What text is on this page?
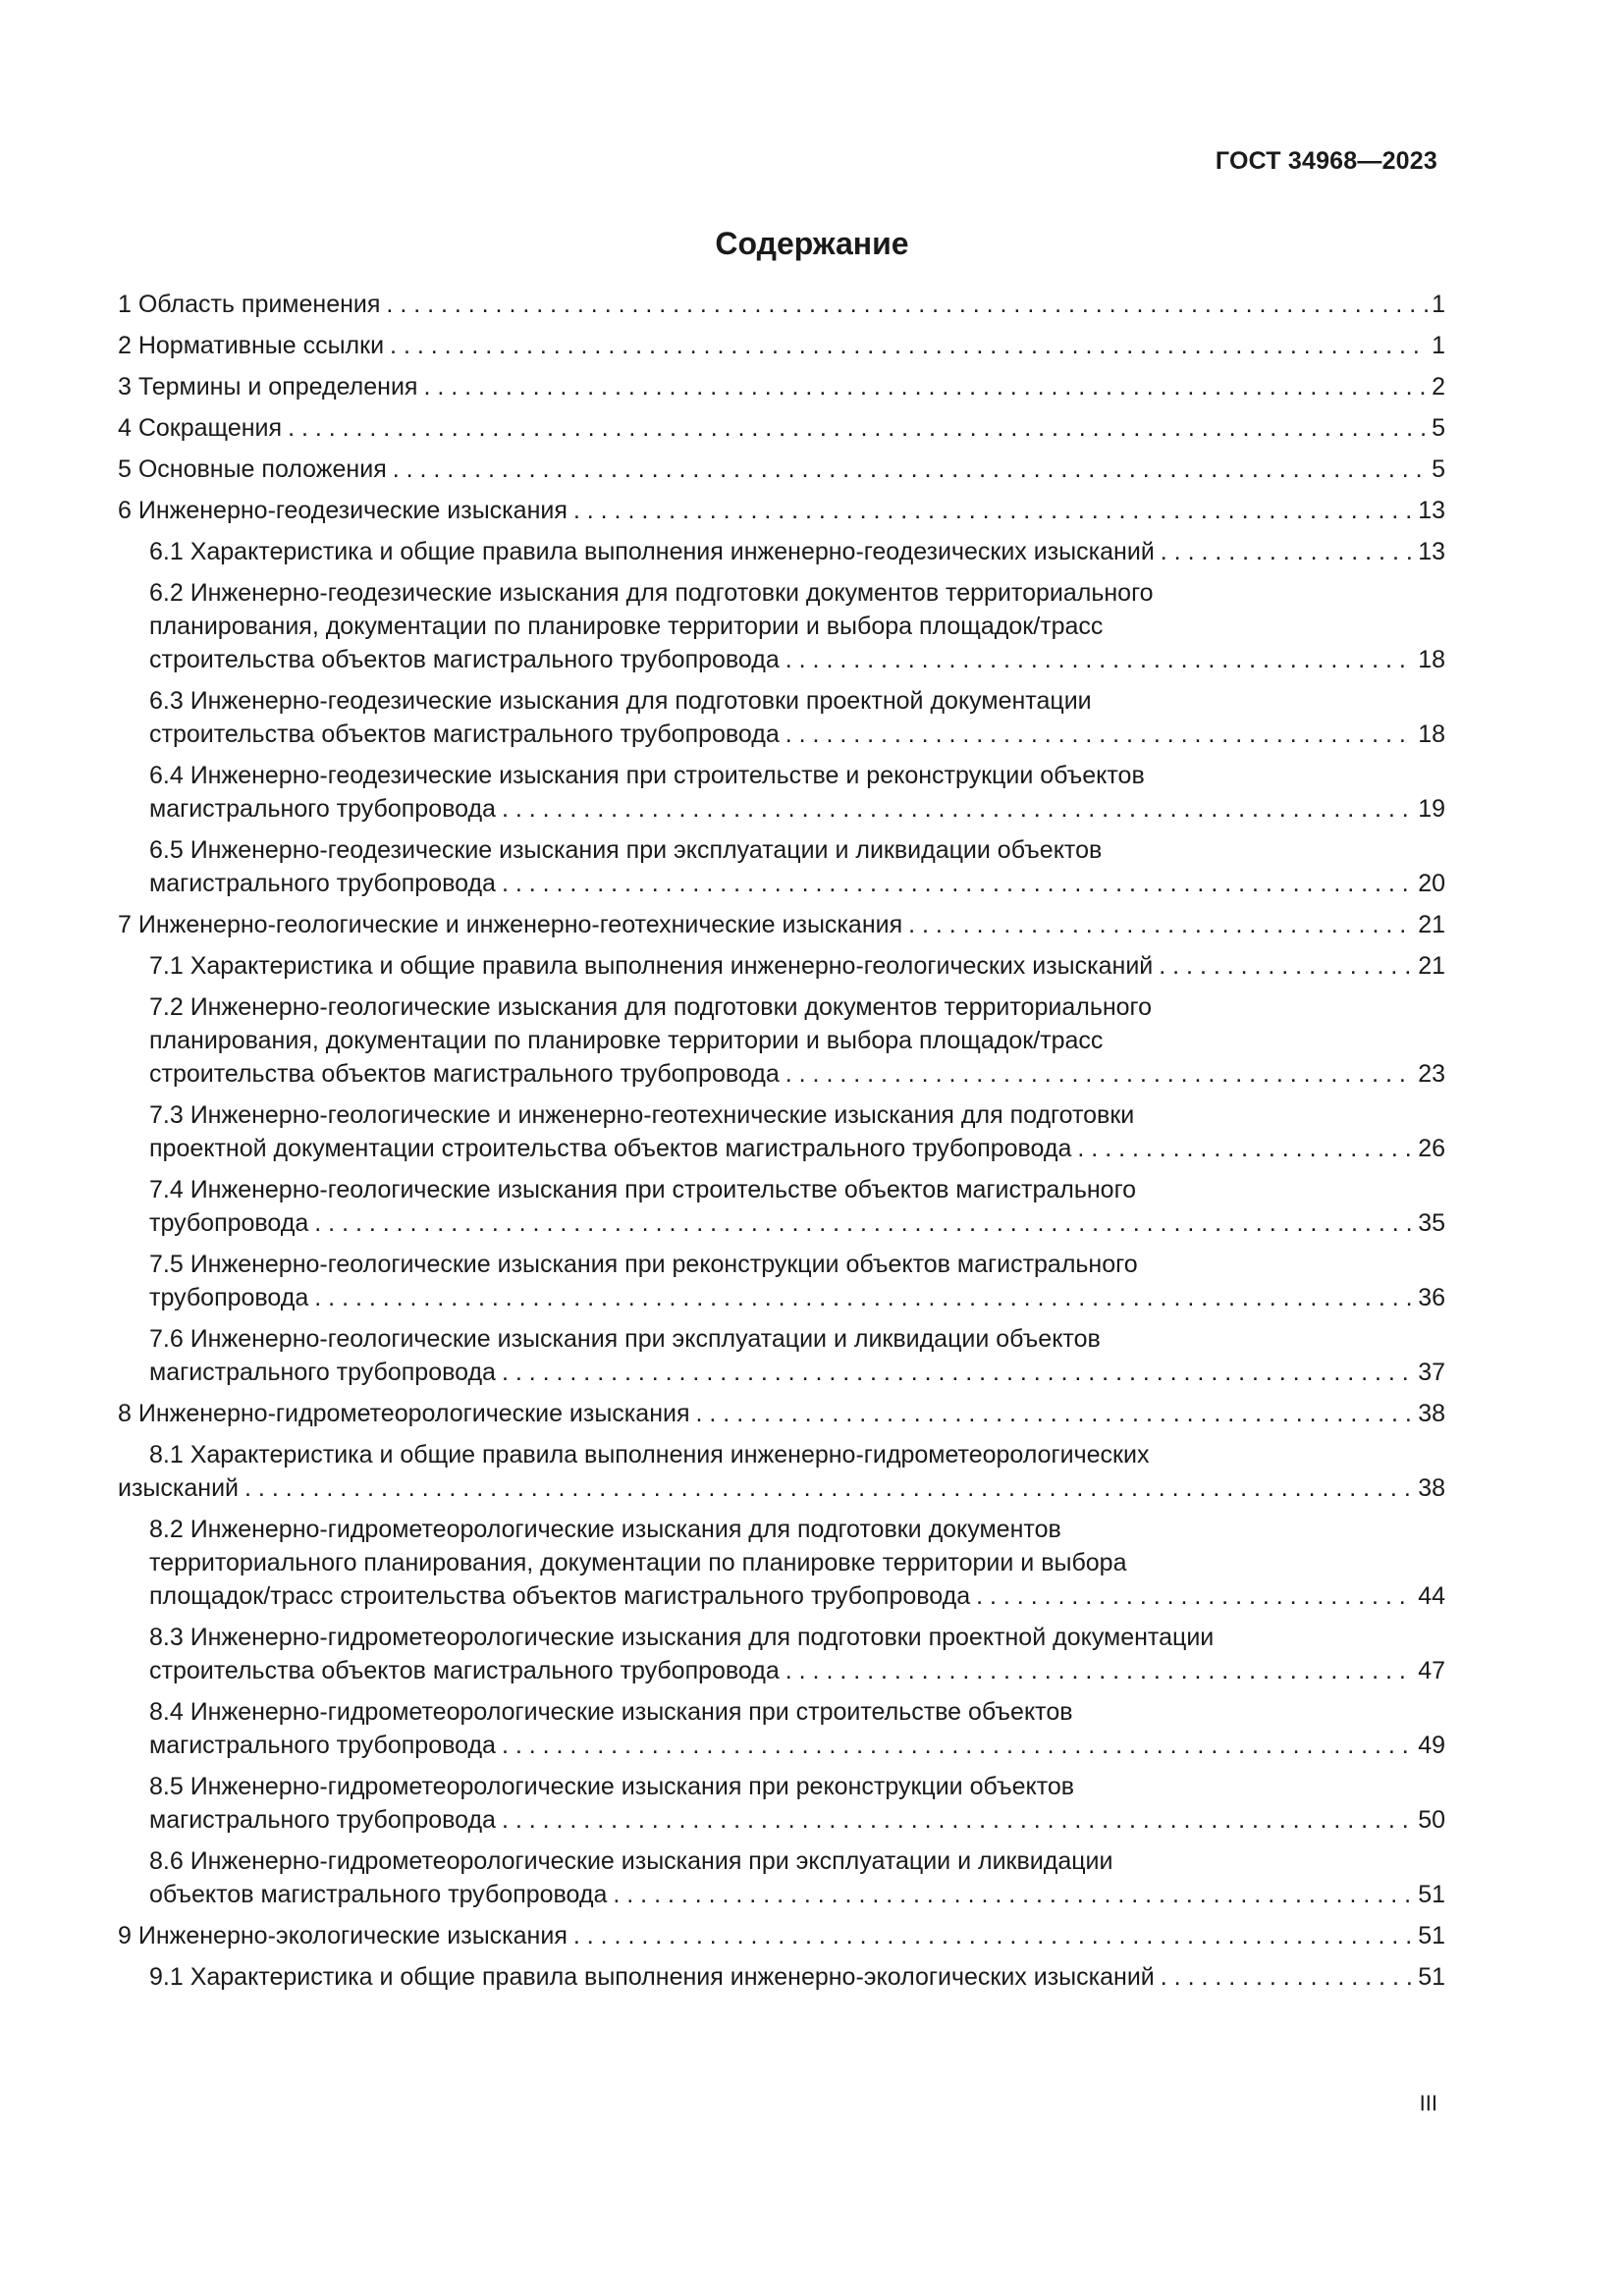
ГОСТ 34968—2023
Содержание
1 Область применения . . .	1
2 Нормативные ссылки . . .	1
3 Термины и определения . . .	2
4 Сокращения . . .	5
5 Основные положения . . .	5
6 Инженерно-геодезические изыскания . . .	13
6.1 Характеристика и общие правила выполнения инженерно-геодезических изысканий . . .	13
6.2 Инженерно-геодезические изыскания для подготовки документов территориального
планирования, документации по планировке территории и выбора площадок/трасс
строительства объектов магистрального трубопровода . . .	18
6.3 Инженерно-геодезические изыскания для подготовки проектной документации
строительства объектов магистрального трубопровода . . .	18
6.4 Инженерно-геодезические изыскания при строительстве и реконструкции объектов
магистрального трубопровода . . .	19
6.5 Инженерно-геодезические изыскания при эксплуатации и ликвидации объектов
магистрального трубопровода . . .	20
7 Инженерно-геологические и инженерно-геотехнические изыскания . . .	21
7.1 Характеристика и общие правила выполнения инженерно-геологических изысканий . . .	21
7.2 Инженерно-геологические изыскания для подготовки документов территориального
планирования, документации по планировке территории и выбора площадок/трасс
строительства объектов магистрального трубопровода . . .	23
7.3 Инженерно-геологические и инженерно-геотехнические изыскания для подготовки
проектной документации строительства объектов магистрального трубопровода . . .	26
7.4 Инженерно-геологические изыскания при строительстве объектов магистрального
трубопровода . . .	35
7.5 Инженерно-геологические изыскания при реконструкции объектов магистрального
трубопровода . . .	36
7.6 Инженерно-геологические изыскания при эксплуатации и ликвидации объектов
магистрального трубопровода . . .	37
8 Инженерно-гидрометеорологические изыскания . . .	38
8.1 Характеристика и общие правила выполнения инженерно-гидрометеорологических
изысканий . . .	38
8.2 Инженерно-гидрометеорологические изыскания для подготовки документов
территориального планирования, документации по планировке территории и выбора
площадок/трасс строительства объектов магистрального трубопровода . . .	44
8.3 Инженерно-гидрометеорологические изыскания для подготовки проектной документации
строительства объектов магистрального трубопровода . . .	47
8.4 Инженерно-гидрометеорологические изыскания при строительстве объектов
магистрального трубопровода . . .	49
8.5 Инженерно-гидрометеорологические изыскания при реконструкции объектов
магистрального трубопровода . . .	50
8.6 Инженерно-гидрометеорологические изыскания при эксплуатации и ликвидации
объектов магистрального трубопровода . . .	51
9 Инженерно-экологические изыскания . . .	51
9.1 Характеристика и общие правила выполнения инженерно-экологических изысканий . . .	51
III
